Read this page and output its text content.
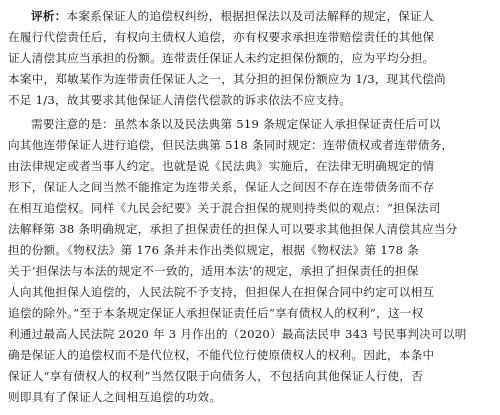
评析：本案系保证人的追偿权纠纷，根据担保法以及司法解释的规定，保证人
在履行代偿责任后，有权向主债权人追偿，亦有权要求承担连带赔偿责任的其他保
证人清偿其应当承担的份额。连带责任保证人未约定担保份额的，应为平均分担。
本案中，郑敏某作为连带责任保证人之一，其分担的担保份额应为 1/3，现其代偿尚
不足 1/3，故其要求其他保证人清偿代偿款的诉求依法不应支持。
需要注意的是：虽然本条以及民法典第 519 条规定保证人承担保证责任后可以
向其他连带保证人进行追偿，但民法典第 518 条同时规定：连带债权或者连带债务，
由法律规定或者当事人约定。也就是说《民法典》实施后，在法律无明确规定的情
形下，保证人之间当然不能推定为连带关系，保证人之间因不存在连带债务而不存
在相互追偿权。同样《九民会纪要》关于混合担保的规则持类似的观点：“担保法司
法解释第 38 条明确规定，承担了担保责任的担保人可以要求其他担保人清偿其应当分
担的份额。《物权法》第 176 条并未作出类似规定，根据《物权法》第 178 条
关于‘担保法与本法的规定不一致的，适用本法’的规定，承担了担保责任的担保
人向其他担保人追偿的，人民法院不予支持，但担保人在担保合同中约定可以相互
追偿的除外。”至于本条规定保证人承担保证责任后“享有债权人的权利”，这一权
利通过最高人民法院 2020 年 3 月作出的（2020）最高法民申 343 号民事判决可以明
确是保证人的追偿权而不是代位权，不能代位行使原债权人的权利。因此，本条中
保证人“享有债权人的权利”当然仅限于向债务人，不包括向其他保证人行使，否
则即具有了保证人之间相互追偿的功效。
